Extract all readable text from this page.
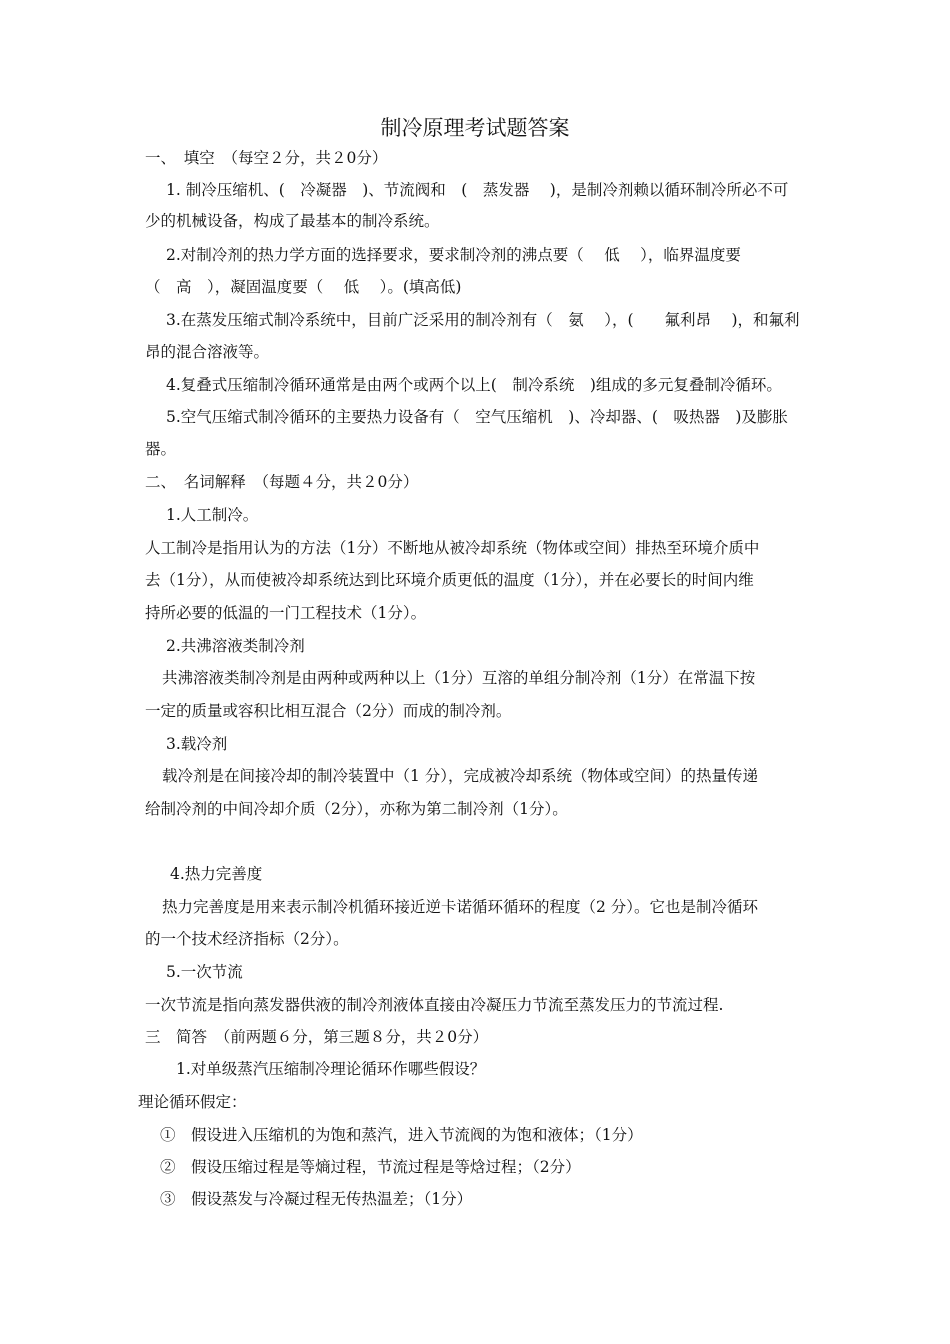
制冷原理考试题答案

一、　填空　（每空２分，共２0分）

1. 制冷压缩机、(　冷凝器　)、节流阀和　(　蒸发器　 )，是制冷剂赖以循环制冷所必不可

少的机械设备，构成了最基本的制冷系统。

2.对制冷剂的热力学方面的选择要求，要求制冷剂的沸点要（　 低　 ），临界温度要

（　高　），凝固温度要（　 低　 ）。(填高低)

3.在蒸发压缩式制冷系统中，目前广泛采用的制冷剂有（　氨　 ），(　　氟利昂　 )，和氟利

昂的混合溶液等。

4.复叠式压缩制冷循环通常是由两个或两个以上(　制冷系统　)组成的多元复叠制冷循环。

5.空气压缩式制冷循环的主要热力设备有（　空气压缩机　)、冷却器、(　吸热器　)及膨胀

器。

二、　名词解释　（每题４分，共２0分）

1.人工制冷。

人工制冷是指用认为的方法（1分）不断地从被冷却系统（物体或空间）排热至环境介质中

去（1分），从而使被冷却系统达到比环境介质更低的温度（1分），并在必要长的时间内维

持所必要的低温的一门工程技术（1分）。

2.共沸溶液类制冷剂

共沸溶液类制冷剂是由两种或两种以上（1分）互溶的单组分制冷剂（1分）在常温下按

一定的质量或容积比相互混合（2分）而成的制冷剂。

3.载冷剂

载冷剂是在间接冷却的制冷装置中（1 分），完成被冷却系统（物体或空间）的热量传递

给制冷剂的中间冷却介质（2分），亦称为第二制冷剂（1分）。

4.热力完善度

热力完善度是用来表示制冷机循环接近逆卡诺循环循环的程度（2 分）。它也是制冷循环

的一个技术经济指标（2分）。

5.一次节流

一次节流是指向蒸发器供液的制冷剂液体直接由冷凝压力节流至蒸发压力的节流过程.

三　简答　（前两题６分，第三题８分，共２0分）

1.对单级蒸汽压缩制冷理论循环作哪些假设？

理论循环假定：

①　假设进入压缩机的为饱和蒸汽，进入节流阀的为饱和液体；（1分）

②　假设压缩过程是等熵过程，节流过程是等焓过程；（2分）

③　假设蒸发与冷凝过程无传热温差；（1分）
